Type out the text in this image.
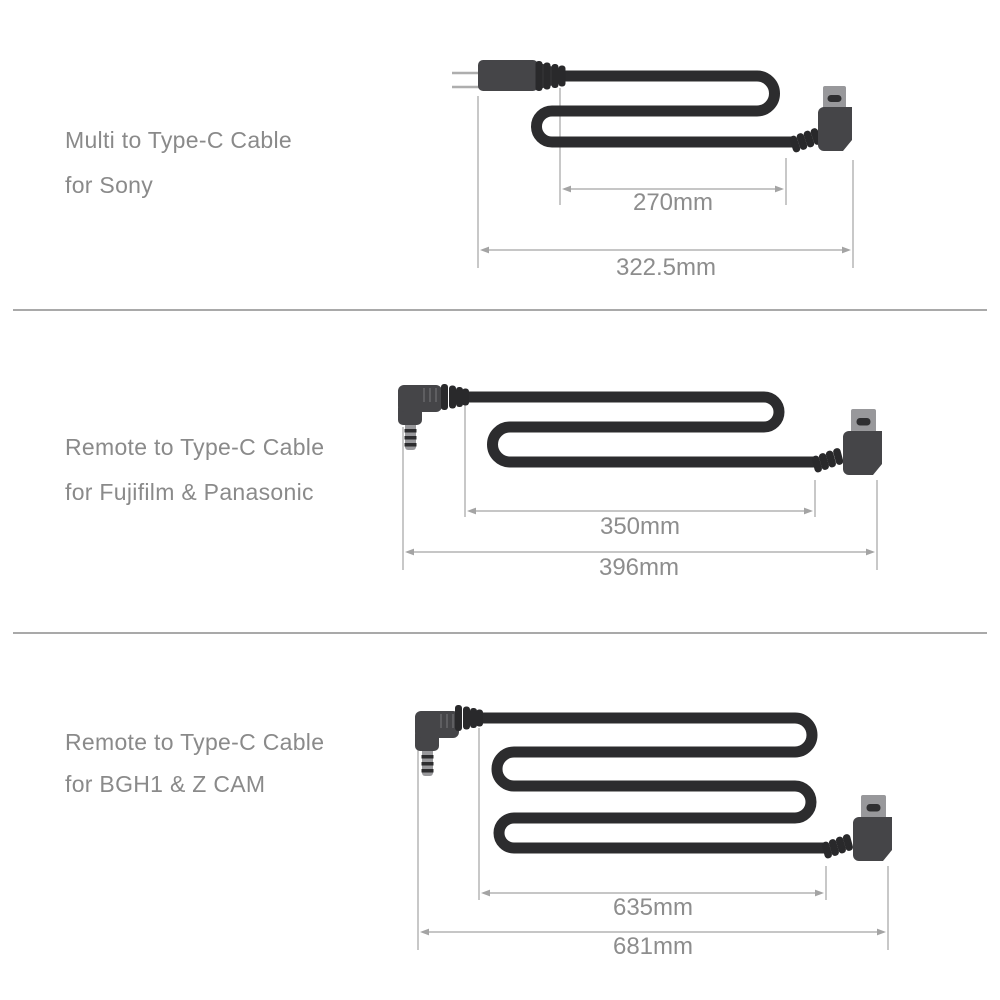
Multi to Type-C Cable
for Sony
270mm
322.5mm
Remote to Type-C Cable
for Fujifilm & Panasonic
350mm
396mm
Remote to Type-C Cable
for BGH1 & Z CAM
635mm
681mm
